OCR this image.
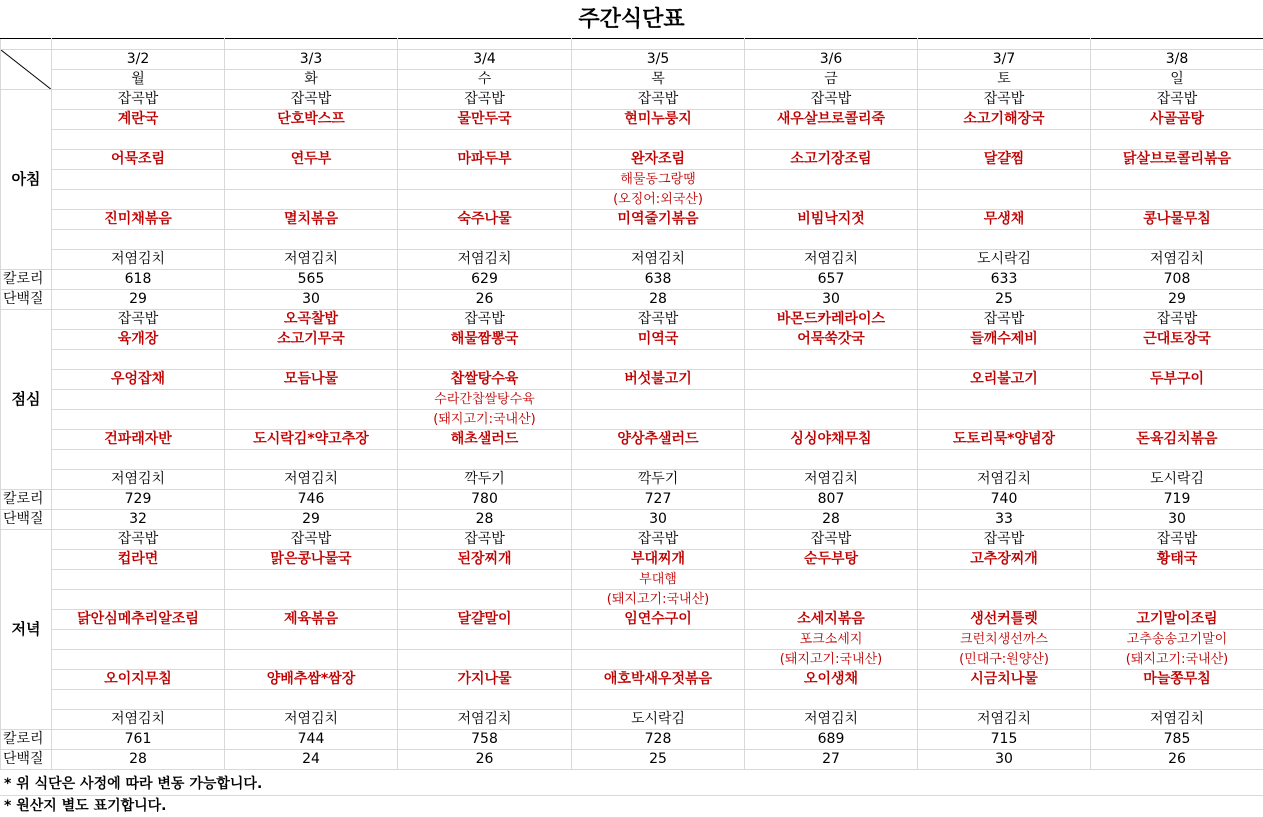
주간식단표

	3/2	3/3	3/4	3/5	3/6	3/7	3/8
	월	화	수	목	금	토	일
아침	잡곡밥	잡곡밥	잡곡밥	잡곡밥	잡곡밥	잡곡밥	잡곡밥
	계란국	단호박스프	물만두국	현미누룽지	새우살브로콜리죽	소고기해장국	사골곰탕

	어묵조림	연두부	마파두부	완자조림	소고기장조림	달걀찜	닭살브로콜리볶음
				해물동그랑땡			
				(오징어:외국산)			
	진미채볶음	멸치볶음	숙주나물	미역줄기볶음	비빔낙지젓	무생채	콩나물무침

	저염김치	저염김치	저염김치	저염김치	저염김치	도시락김	저염김치
칼로리	618	565	629	638	657	633	708
단백질	29	30	26	28	30	25	29
점심	잡곡밥	오곡찰밥	잡곡밥	잡곡밥	바몬드카레라이스	잡곡밥	잡곡밥
	육개장	소고기무국	해물짬뽕국	미역국	어묵쑥갓국	들깨수제비	근대토장국

	우엉잡채	모듬나물	찹쌀탕수육	버섯불고기		오리불고기	두부구이
			수라간찹쌀탕수육				
			(돼지고기:국내산)				
	건파래자반	도시락김*약고추장	해초샐러드	양상추샐러드	싱싱야채무침	도토리묵*양념장	돈육김치볶음

	저염김치	저염김치	깍두기	깍두기	저염김치	저염김치	도시락김
칼로리	729	746	780	727	807	740	719
단백질	32	29	28	30	28	33	30
저녁	잡곡밥	잡곡밥	잡곡밥	잡곡밥	잡곡밥	잡곡밥	잡곡밥
	컵라면	맑은콩나물국	된장찌개	부대찌개	순두부탕	고추장찌개	황태국
				부대햄			
				(돼지고기:국내산)			
	닭안심메추리알조림	제육볶음	달걀말이	임연수구이	소세지볶음	생선커틀렛	고기말이조림
					포크소세지	크런치생선까스	고추송송고기말이
					(돼지고기:국내산)	(민대구:원양산)	(돼지고기:국내산)
	오이지무침	양배추쌈*쌈장	가지나물	애호박새우젓볶음	오이생채	시금치나물	마늘쫑무침

	저염김치	저염김치	저염김치	도시락김	저염김치	저염김치	저염김치
칼로리	761	744	758	728	689	715	785
단백질	28	24	26	25	27	30	26
* 위 식단은 사정에 따라 변동 가능합니다.
* 원산지 별도 표기합니다.
